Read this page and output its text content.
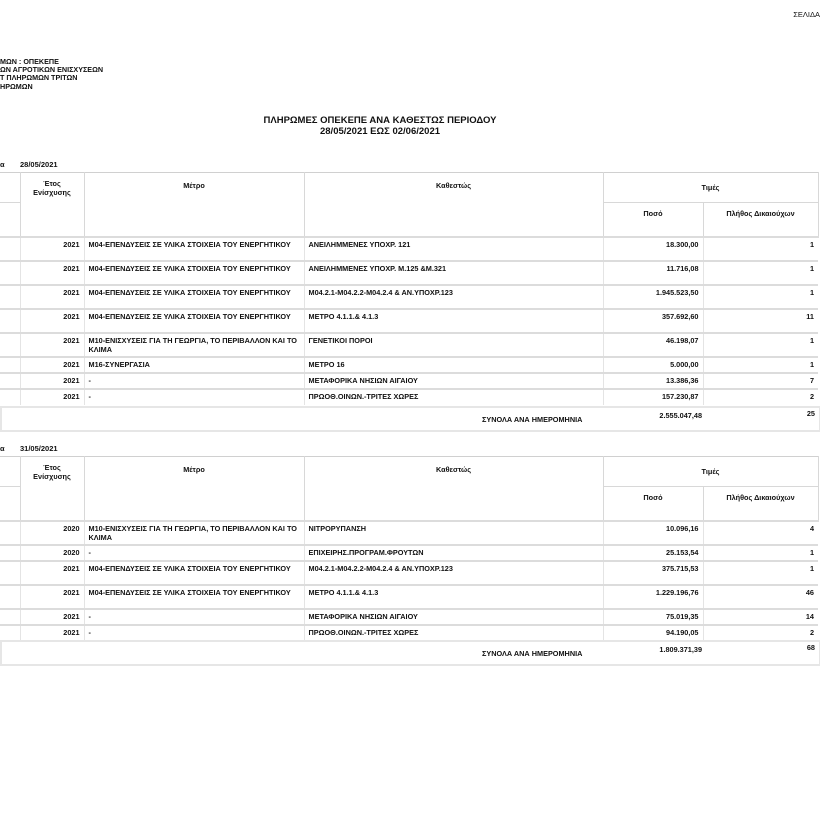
ΜΩΝ : ΟΠΕΚΕΠΕ
ΩΝ ΑΓΡΟΤΙΚΩΝ ΕΝΙΣΧΥΣΕΩΝ
Τ ΠΛΗΡΩΜΩΝ ΤΡΙΤΩΝ
ΗΡΩΜΩΝ
ΣΕΛΙΔΑ
ΠΛΗΡΩΜΕΣ ΟΠΕΚΕΠΕ ΑΝΑ ΚΑΘΕΣΤΩΣ ΠΕΡΙΟΔΟΥ
28/05/2021 ΕΩΣ 02/06/2021
α 28/05/2021
	Έτος Ενίσχυσης	Μέτρο	Καθεστώς	Τιμές	
				Ποσό	Πλήθος Δικαιούχων
	2021	Μ04-ΕΠΕΝΔΥΣΕΙΣ ΣΕ ΥΛΙΚΑ ΣΤΟΙΧΕΙΑ ΤΟΥ ΕΝΕΡΓΗΤΙΚΟΥ	ΑΝΕΙΛΗΜΜΕΝΕΣ ΥΠΟΧΡ. 121	18.300,00	1
	2021	Μ04-ΕΠΕΝΔΥΣΕΙΣ ΣΕ ΥΛΙΚΑ ΣΤΟΙΧΕΙΑ ΤΟΥ ΕΝΕΡΓΗΤΙΚΟΥ	ΑΝΕΙΛΗΜΜΕΝΕΣ ΥΠΟΧΡ. Μ.125 &Μ.321	11.716,08	1
	2021	Μ04-ΕΠΕΝΔΥΣΕΙΣ ΣΕ ΥΛΙΚΑ ΣΤΟΙΧΕΙΑ ΤΟΥ ΕΝΕΡΓΗΤΙΚΟΥ	Μ04.2.1-Μ04.2.2-Μ04.2.4 & ΑΝ.ΥΠΟΧΡ.123	1.945.523,50	1
	2021	Μ04-ΕΠΕΝΔΥΣΕΙΣ ΣΕ ΥΛΙΚΑ ΣΤΟΙΧΕΙΑ ΤΟΥ ΕΝΕΡΓΗΤΙΚΟΥ	ΜΕΤΡΟ 4.1.1.& 4.1.3	357.692,60	11
	2021	Μ10-ΕΝΙΣΧΥΣΕΙΣ ΓΙΑ ΤΗ ΓΕΩΡΓΙΑ, ΤΟ ΠΕΡΙΒΑΛΛΟΝ ΚΑΙ ΤΟ ΚΛΙΜΑ	ΓΕΝΕΤΙΚΟΙ ΠΟΡΟΙ	46.198,07	1
	2021	Μ16-ΣΥΝΕΡΓΑΣΙΑ	ΜΕΤΡΟ 16	5.000,00	1
	2021	-	ΜΕΤΑΦΟΡΙΚΑ ΝΗΣΙΩΝ ΑΙΓΑΙΟΥ	13.386,36	7
	2021	-	ΠΡΩΟΘ.ΟΙΝΩΝ.-ΤΡΙΤΕΣ ΧΩΡΕΣ	157.230,87	2
ΣΥΝΟΛΑ ΑΝΑ ΗΜΕΡΟΜΗΝΙΑ	2.555.047,48	25
α 31/05/2021
	Έτος Ενίσχυσης	Μέτρο	Καθεστώς	Τιμές	
				Ποσό	Πλήθος Δικαιούχων
	2020	Μ10-ΕΝΙΣΧΥΣΕΙΣ ΓΙΑ ΤΗ ΓΕΩΡΓΙΑ, ΤΟ ΠΕΡΙΒΑΛΛΟΝ ΚΑΙ ΤΟ ΚΛΙΜΑ	ΝΙΤΡΟΡΥΠΑΝΣΗ	10.096,16	4
	2020	-	ΕΠΙΧΕΙΡΗΣ.ΠΡΟΓΡΑΜ.ΦΡΟΥΤΩΝ	25.153,54	1
	2021	Μ04-ΕΠΕΝΔΥΣΕΙΣ ΣΕ ΥΛΙΚΑ ΣΤΟΙΧΕΙΑ ΤΟΥ ΕΝΕΡΓΗΤΙΚΟΥ	Μ04.2.1-Μ04.2.2-Μ04.2.4 & ΑΝ.ΥΠΟΧΡ.123	375.715,53	1
	2021	Μ04-ΕΠΕΝΔΥΣΕΙΣ ΣΕ ΥΛΙΚΑ ΣΤΟΙΧΕΙΑ ΤΟΥ ΕΝΕΡΓΗΤΙΚΟΥ	ΜΕΤΡΟ 4.1.1.& 4.1.3	1.229.196,76	46
	2021	-	ΜΕΤΑΦΟΡΙΚΑ ΝΗΣΙΩΝ ΑΙΓΑΙΟΥ	75.019,35	14
	2021	-	ΠΡΩΟΘ.ΟΙΝΩΝ.-ΤΡΙΤΕΣ ΧΩΡΕΣ	94.190,05	2
ΣΥΝΟΛΑ ΑΝΑ ΗΜΕΡΟΜΗΝΙΑ	1.809.371,39	68
